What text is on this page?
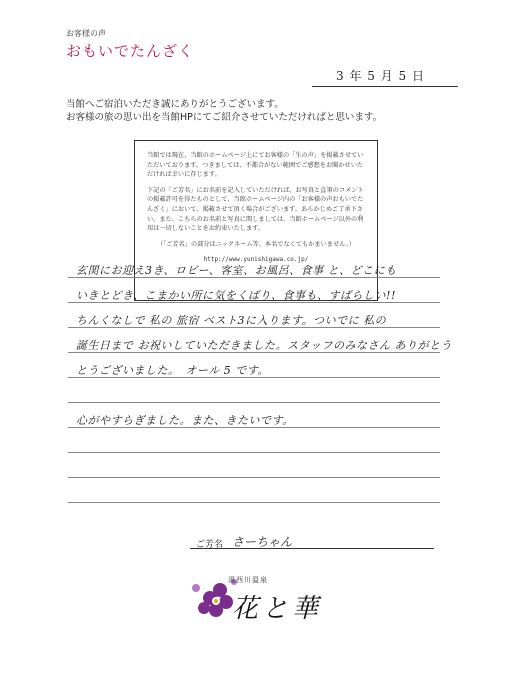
お客様の声
おもいでたんざく
3 年 5 月 5 日
当館へご宿泊いただき誠にありがとうございます。
お客様の旅の思い出を当館HPにてご紹介させていただければと思います。

当館では現在、当館のホームページ上にてお客様の「生の声」を掲載させていただいております。つきましては、不都合がない範囲でご感想をお聞かせいただければ幸いに存じます。

下記の「ご芳名」にお名前を記入していただければ、お写真と直筆のコメントの掲載許可を得たものとして、当館ホームページ内の「お客様の声おもいでたんざく」において、掲載させて頂く場合がございます。あらかじめご了承下さい。また、こちらのお名前と写真に関しましては、当館ホームページ以外の利用は一切しないことをお約束いたします。

（「ご芳名」の部分はニックネーム等、本名でなくてもかまいません。）
http://www.yunishigawa.co.jp/
玄関にお迎え3き、ロビー、客室、お風呂、食事 と、どこにも
いきとどき、こまかい所に気をくばり、食事も、すばらしい!!
ちんくなしで 私の 旅宿 ベスト3に入ります。ついでに 私の
誕生日まで お祝いしていただきました。スタッフのみなさん ありがとう
とうございました。　オール 5 です。
心がやすらぎました。また、きたいです。
ご芳名 さーちゃん
湯西川温泉
花と華
